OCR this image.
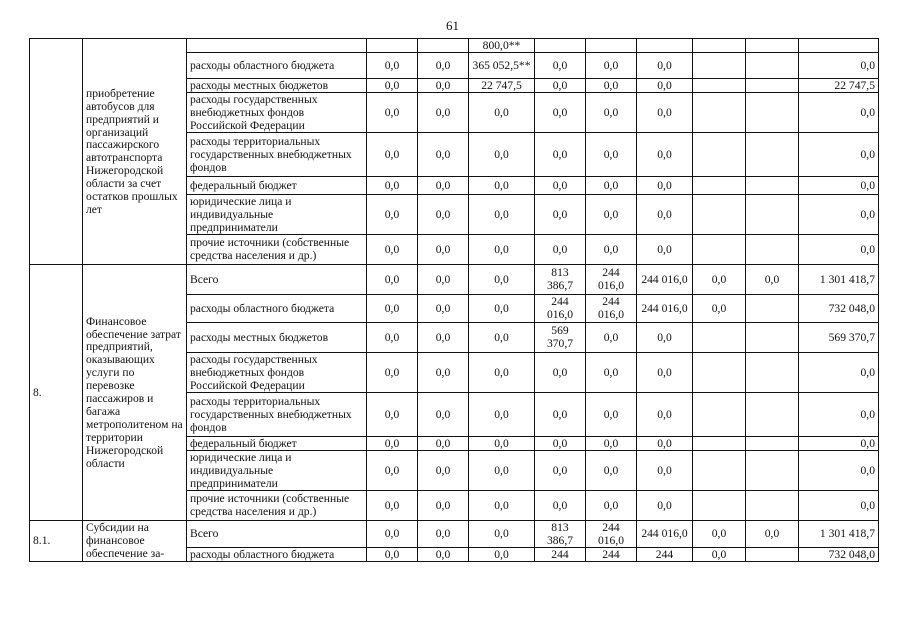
61
	приобретение автобусов для предприятий и организаций пассажирского автотранспорта Нижегородской области за счет остатков прошлых лет				800,0**						
		расходы областного бюджета	0,0	0,0	365 052,5**	0,0	0,0	0,0			0,0
		расходы местных бюджетов	0,0	0,0	22 747,5	0,0	0,0	0,0			22 747,5
		расходы государственных внебюджетных фондов Российской Федерации	0,0	0,0	0,0	0,0	0,0	0,0			0,0
		расходы территориальных государственных внебюджетных фондов	0,0	0,0	0,0	0,0	0,0	0,0			0,0
		федеральный бюджет	0,0	0,0	0,0	0,0	0,0	0,0			0,0
		юридические лица и индивидуальные предприниматели	0,0	0,0	0,0	0,0	0,0	0,0			0,0
		прочие источники (собственные средства населения и др.)	0,0	0,0	0,0	0,0	0,0	0,0			0,0
8.	Финансовое обеспечение затрат предприятий, оказывающих услуги по перевозке пассажиров и багажа метрополитеном на территории Нижегородской области	Всего	0,0	0,0	0,0	813 386,7	244 016,0	244 016,0	0,0	0,0	1 301 418,7
		расходы областного бюджета	0,0	0,0	0,0	244 016,0	244 016,0	244 016,0	0,0		732 048,0
		расходы местных бюджетов	0,0	0,0	0,0	569 370,7	0,0	0,0			569 370,7
		расходы государственных внебюджетных фондов Российской Федерации	0,0	0,0	0,0	0,0	0,0	0,0			0,0
		расходы территориальных государственных внебюджетных фондов	0,0	0,0	0,0	0,0	0,0	0,0			0,0
		федеральный бюджет	0,0	0,0	0,0	0,0	0,0	0,0			0,0
		юридические лица и индивидуальные предприниматели	0,0	0,0	0,0	0,0	0,0	0,0			0,0
		прочие источники (собственные средства населения и др.)	0,0	0,0	0,0	0,0	0,0	0,0			0,0
8.1.	Субсидии на финансовое обеспечение за-	Всего	0,0	0,0	0,0	813 386,7	244 016,0	244 016,0	0,0	0,0	1 301 418,7
		расходы областного бюджета	0,0	0,0	0,0	244	244	244	0,0		732 048,0
